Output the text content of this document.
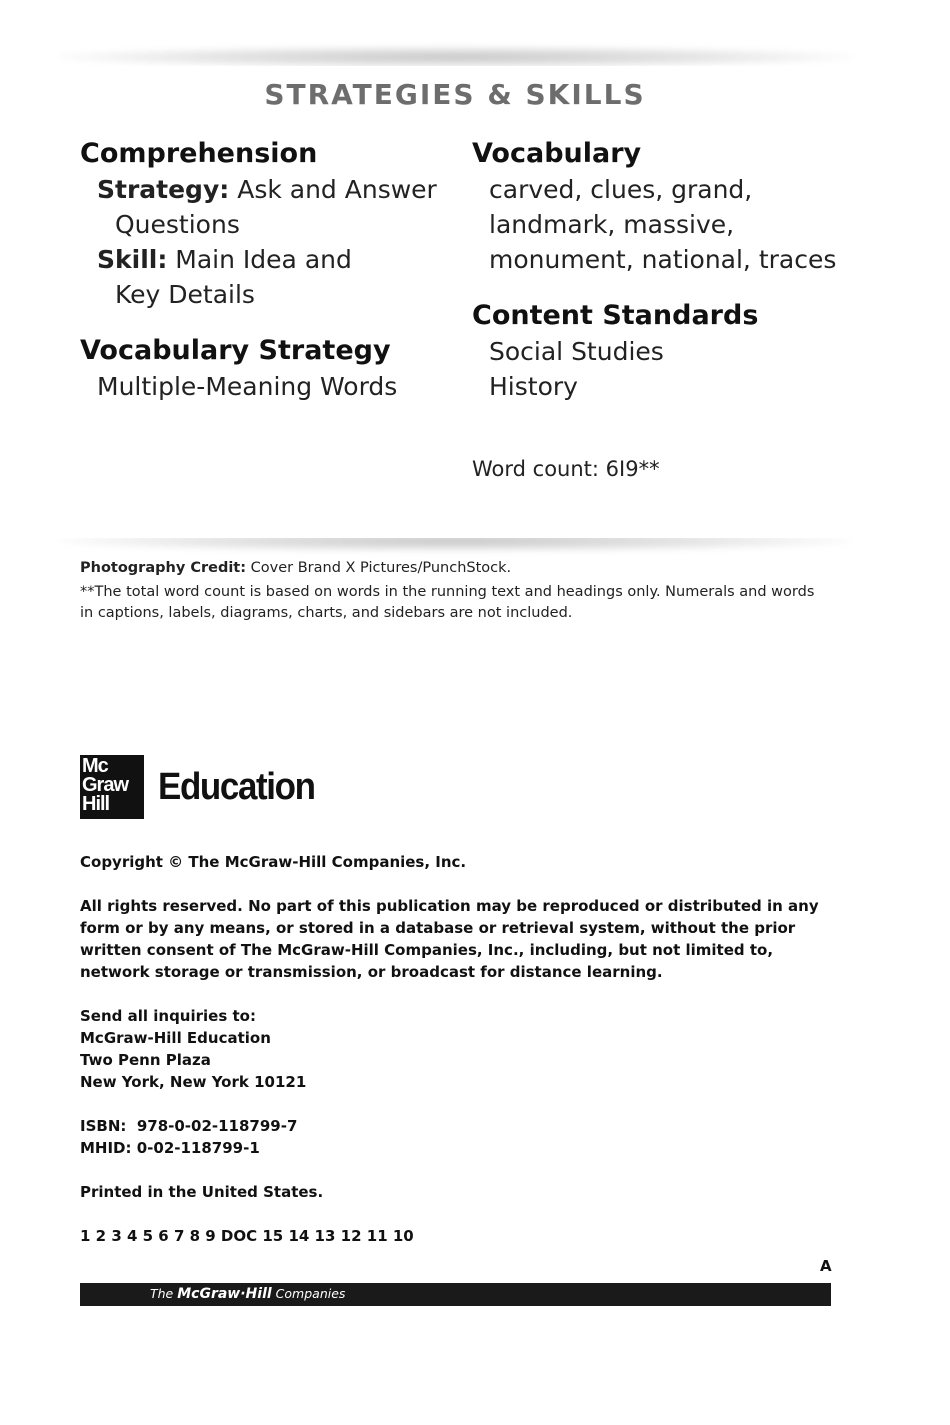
STRATEGIES & SKILLS
Comprehension
Strategy: Ask and Answer
Questions
Skill: Main Idea and
Key Details
Vocabulary Strategy
Multiple-Meaning Words
Vocabulary
carved, clues, grand,
landmark, massive,
monument, national, traces
Content Standards
Social Studies
History
Word count: 6I9**
Photography Credit: Cover Brand X Pictures/PunchStock.
**The total word count is based on words in the running text and headings only. Numerals and words in captions, labels, diagrams, charts, and sidebars are not included.
Mc
Graw
Hill	Education
Copyright © The McGraw-Hill Companies, Inc.
All rights reserved. No part of this publication may be reproduced or distributed in any form or by any means, or stored in a database or retrieval system, without the prior written consent of The McGraw-Hill Companies, Inc., including, but not limited to, network storage or transmission, or broadcast for distance learning.
Send all inquiries to:
McGraw-Hill Education
Two Penn Plaza
New York, New York 10121
ISBN:  978-0-02-118799-7
MHID: 0-02-118799-1
Printed in the United States.
1 2 3 4 5 6 7 8 9 DOC 15 14 13 12 11 10
A
The McGraw·Hill Companies
